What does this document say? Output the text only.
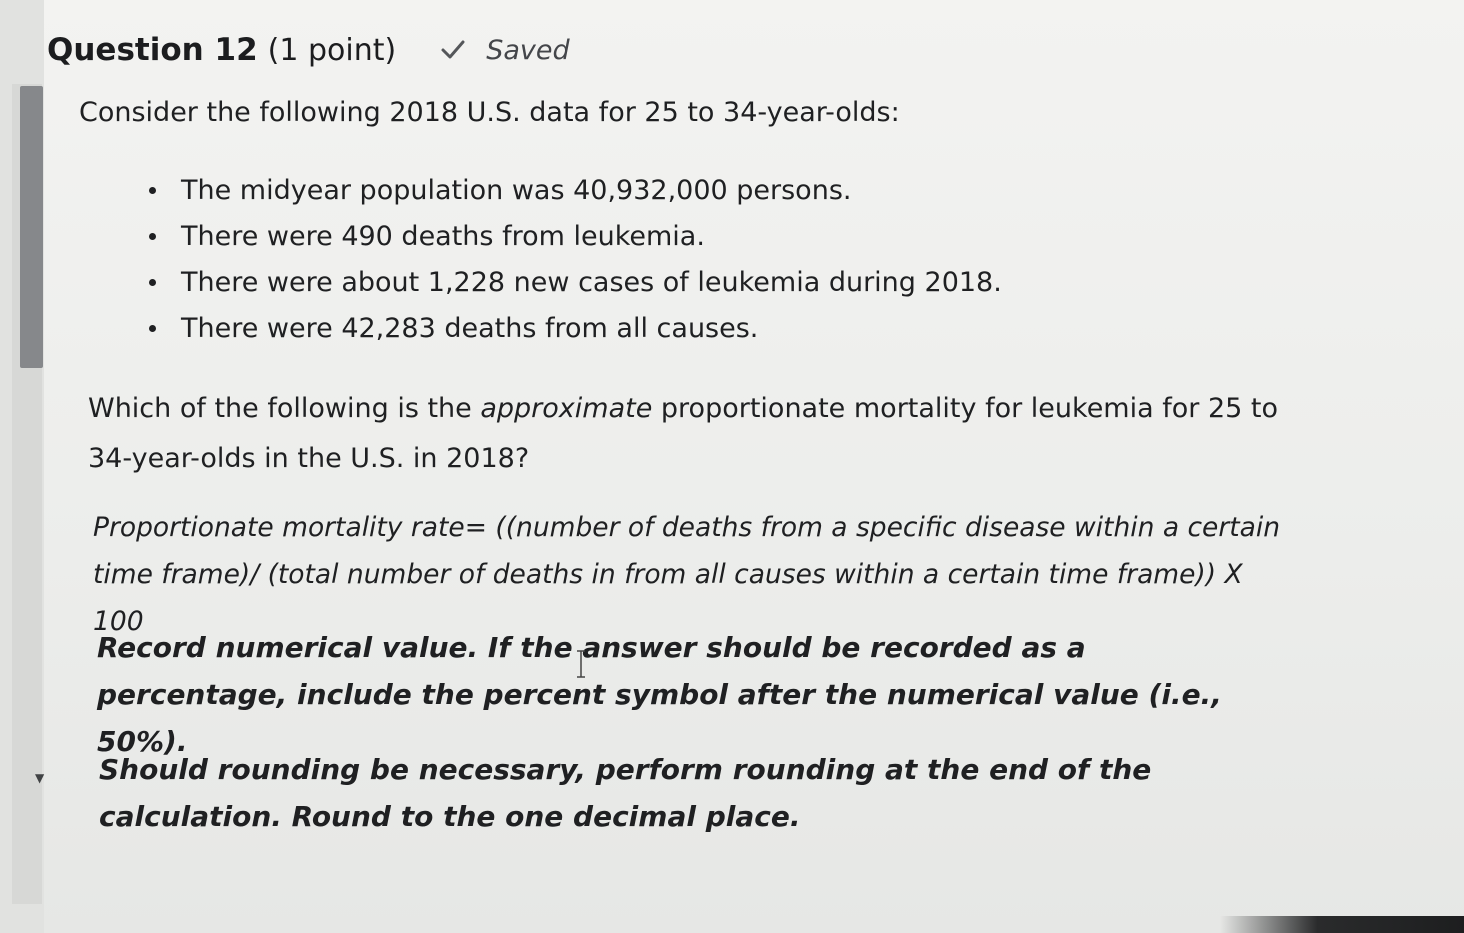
▼
Question 12 (1 point)	Saved

Consider the following 2018 U.S. data for 25 to 34-year-olds:

The midyear population was 40,932,000 persons.
There were 490 deaths from leukemia.
There were about 1,228 new cases of leukemia during 2018.
There were 42,283 deaths from all causes.
Which of the following is the approximate proportionate mortality for leukemia for 25 to 34-year-olds in the U.S. in 2018?
Proportionate mortality rate= ((number of deaths from a specific disease within a certain time frame)/ (total number of deaths in from all causes within a certain time frame)) X 100
Record numerical value. If the answer should be recorded as a percentage, include the percent symbol after the numerical value (i.e., 50%).
Should rounding be necessary, perform rounding at the end of the calculation. Round to the one decimal place.
